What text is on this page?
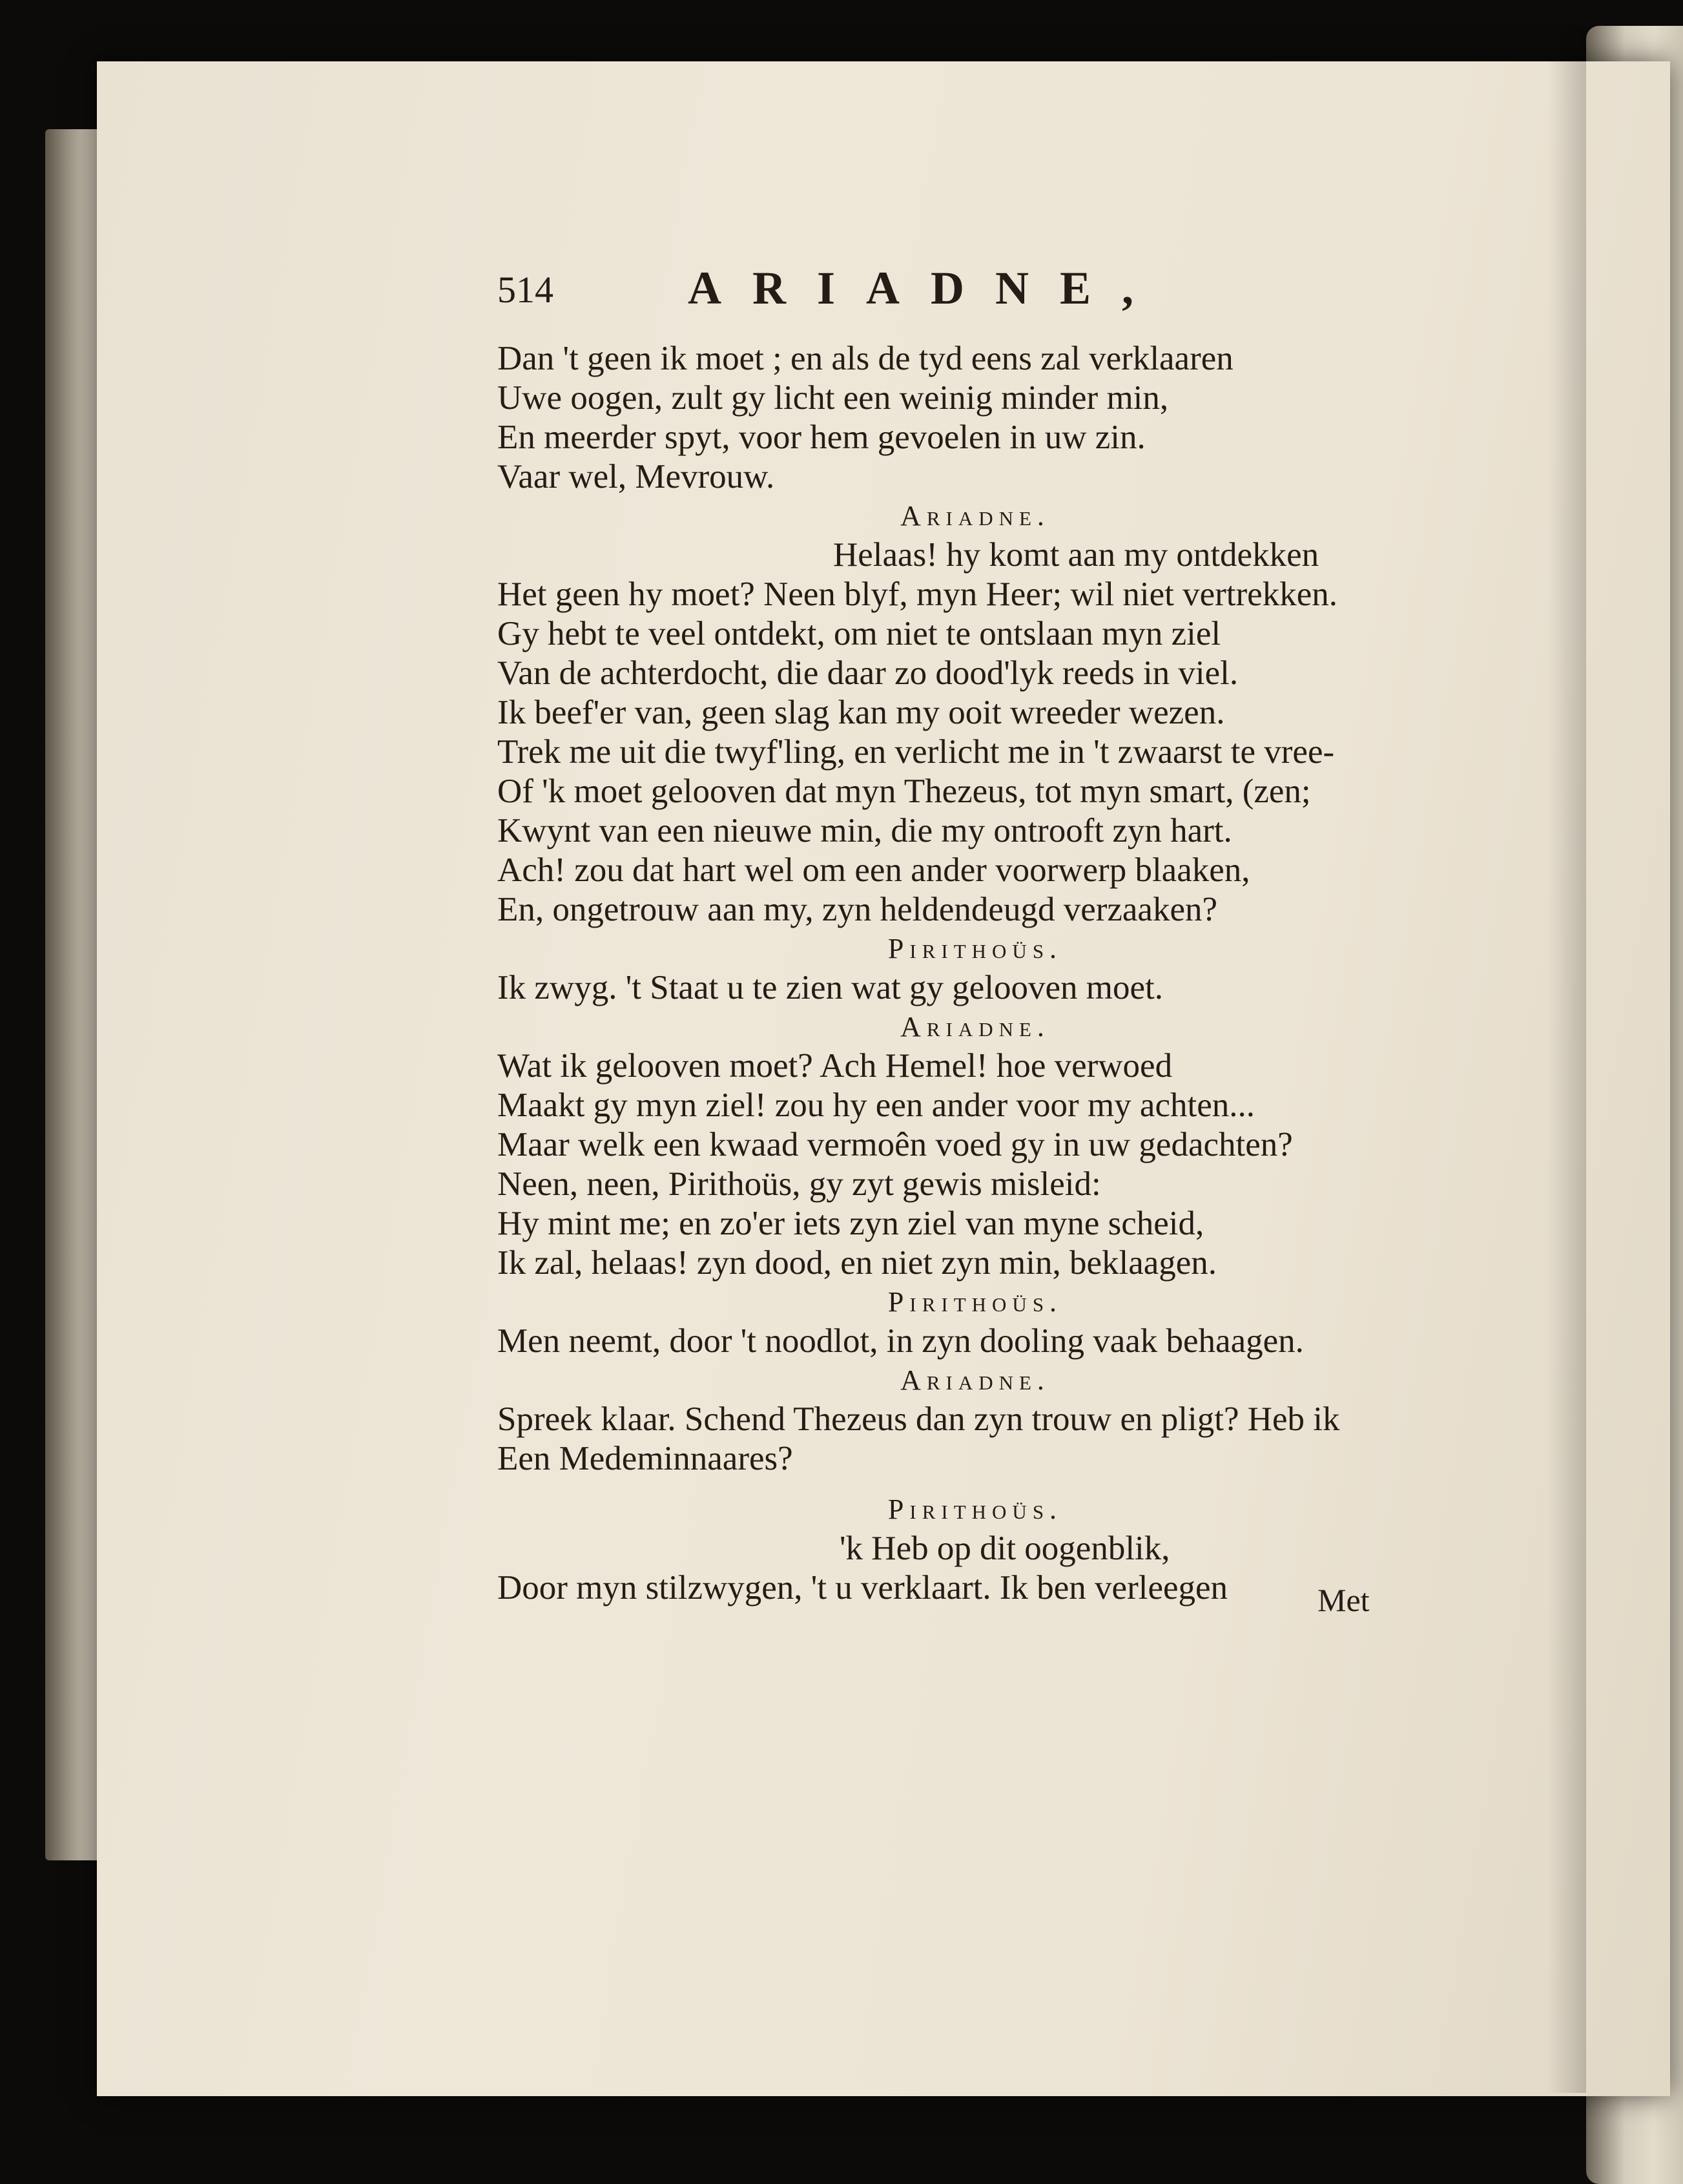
514	ARIADNE,
Dan 't geen ik moet ; en als de tyd eens zal verklaaren
Uwe oogen, zult gy licht een weinig minder min,
En meerder spyt, voor hem gevoelen in uw zin.
Vaar wel, Mevrouw.
Ariadne.
Helaas! hy komt aan my ontdekken
Het geen hy moet? Neen blyf, myn Heer; wil niet vertrekken.
Gy hebt te veel ontdekt, om niet te ontslaan myn ziel
Van de achterdocht, die daar zo dood'lyk reeds in viel.
Ik beef'er van, geen slag kan my ooit wreeder wezen.
Trek me uit die twyf'ling, en verlicht me in 't zwaarst te vree-
Of 'k moet gelooven dat myn Thezeus, tot myn smart, (zen;
Kwynt van een nieuwe min, die my ontrooft zyn hart.
Ach! zou dat hart wel om een ander voorwerp blaaken,
En, ongetrouw aan my, zyn heldendeugd verzaaken?
Pirithoüs.
Ik zwyg. 't Staat u te zien wat gy gelooven moet.
Ariadne.
Wat ik gelooven moet? Ach Hemel! hoe verwoed
Maakt gy myn ziel! zou hy een ander voor my achten...
Maar welk een kwaad vermoên voed gy in uw gedachten?
Neen, neen, Pirithoüs, gy zyt gewis misleid:
Hy mint me; en zo'er iets zyn ziel van myne scheid,
Ik zal, helaas! zyn dood, en niet zyn min, beklaagen.
Pirithoüs.
Men neemt, door 't noodlot, in zyn dooling vaak behaagen.
Ariadne.
Spreek klaar. Schend Thezeus dan zyn trouw en pligt? Heb ik
Een Medeminnaares?
Pirithoüs.
'k Heb op dit oogenblik,
Door myn stilzwygen, 't u verklaart. Ik ben verleegen	Met
